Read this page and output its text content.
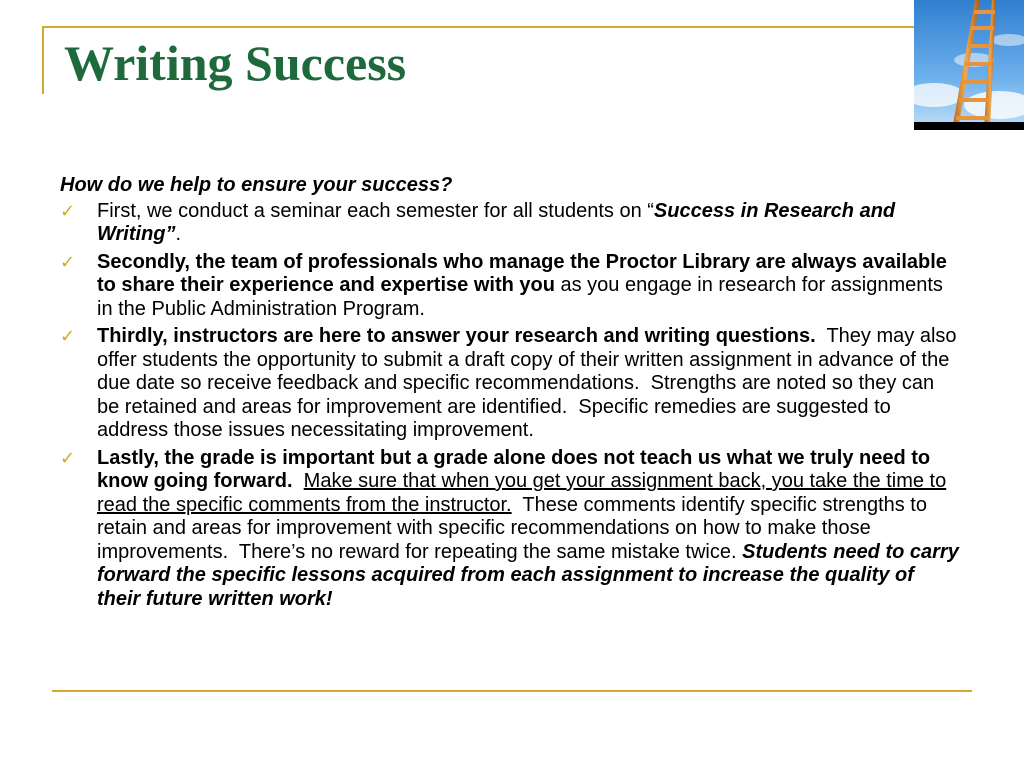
Writing Success

How do we help to ensure your success?

✓ First, we conduct a seminar each semester for all students on “Success in Research and Writing”.
✓ Secondly, the team of professionals who manage the Proctor Library are always available to share their experience and expertise with you as you engage in research for assignments in the Public Administration Program.
✓ Thirdly, instructors are here to answer your research and writing questions.  They may also offer students the opportunity to submit a draft copy of their written assignment in advance of the due date so receive feedback and specific recommendations.  Strengths are noted so they can be retained and areas for improvement are identified.  Specific remedies are suggested to address those issues necessitating improvement.
✓ Lastly, the grade is important but a grade alone does not teach us what we truly need to know going forward. Make sure that when you get your assignment back, you take the time to read the specific comments from the instructor.  These comments identify specific strengths to retain and areas for improvement with specific recommendations on how to make those improvements.  There’s no reward for repeating the same mistake twice. Students need to carry forward the specific lessons acquired from each assignment to increase the quality of their future written work!
